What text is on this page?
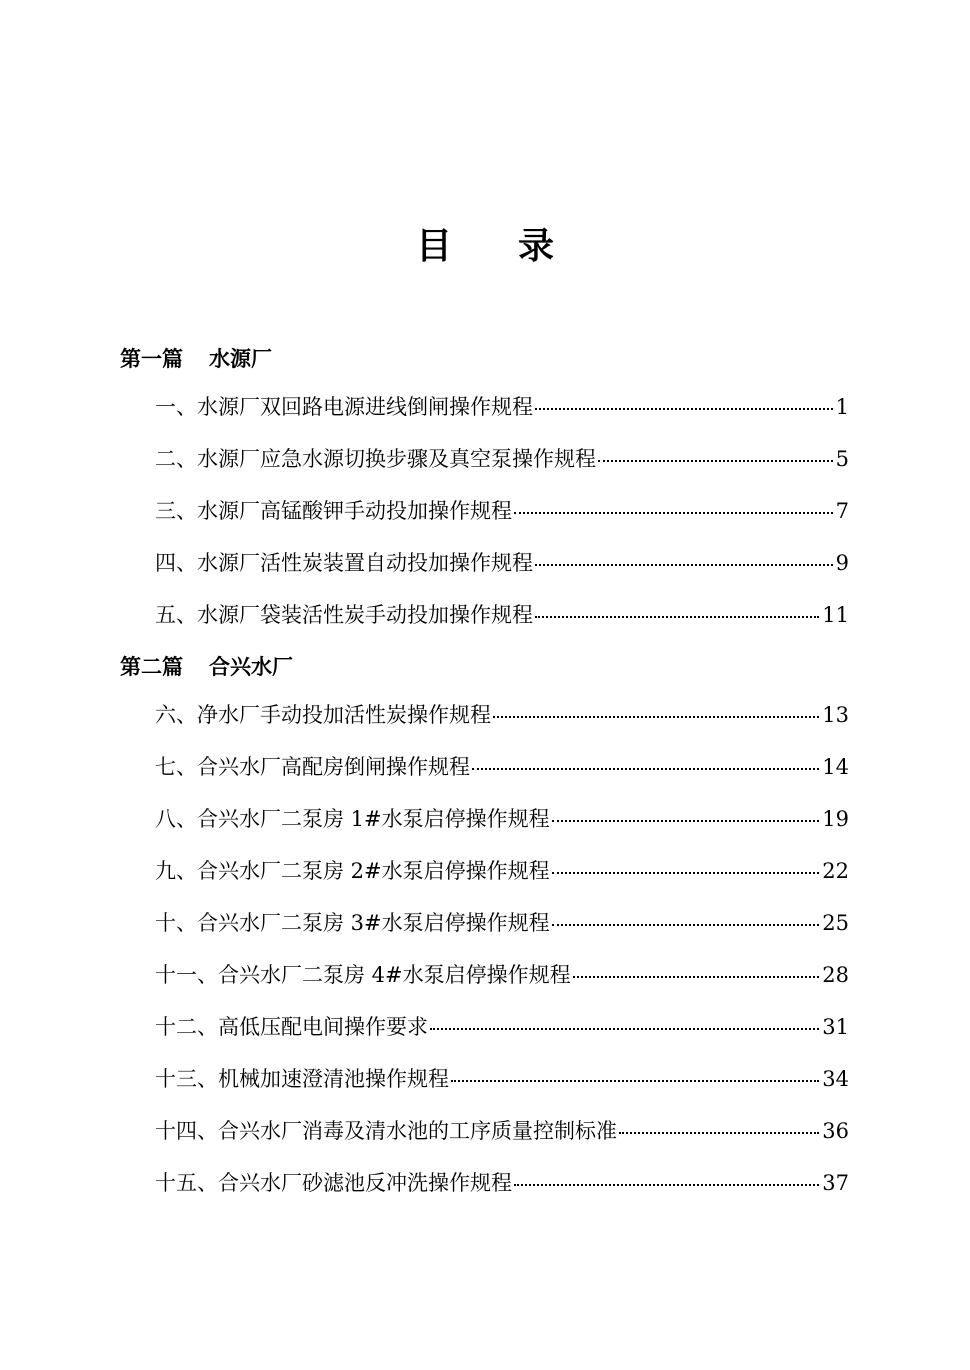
目 录
第一篇 水源厂
一、水源厂双回路电源进线倒闸操作规程	1
二、水源厂应急水源切换步骤及真空泵操作规程	5
三、水源厂高锰酸钾手动投加操作规程	7
四、水源厂活性炭装置自动投加操作规程	9
五、水源厂袋装活性炭手动投加操作规程	11
第二篇 合兴水厂
六、净水厂手动投加活性炭操作规程	13
七、合兴水厂高配房倒闸操作规程	14
八、合兴水厂二泵房 1#水泵启停操作规程	19
九、合兴水厂二泵房 2#水泵启停操作规程	22
十、合兴水厂二泵房 3#水泵启停操作规程	25
十一、合兴水厂二泵房 4#水泵启停操作规程	28
十二、高低压配电间操作要求	31
十三、机械加速澄清池操作规程	34
十四、合兴水厂消毒及清水池的工序质量控制标准	36
十五、合兴水厂砂滤池反冲洗操作规程	37
